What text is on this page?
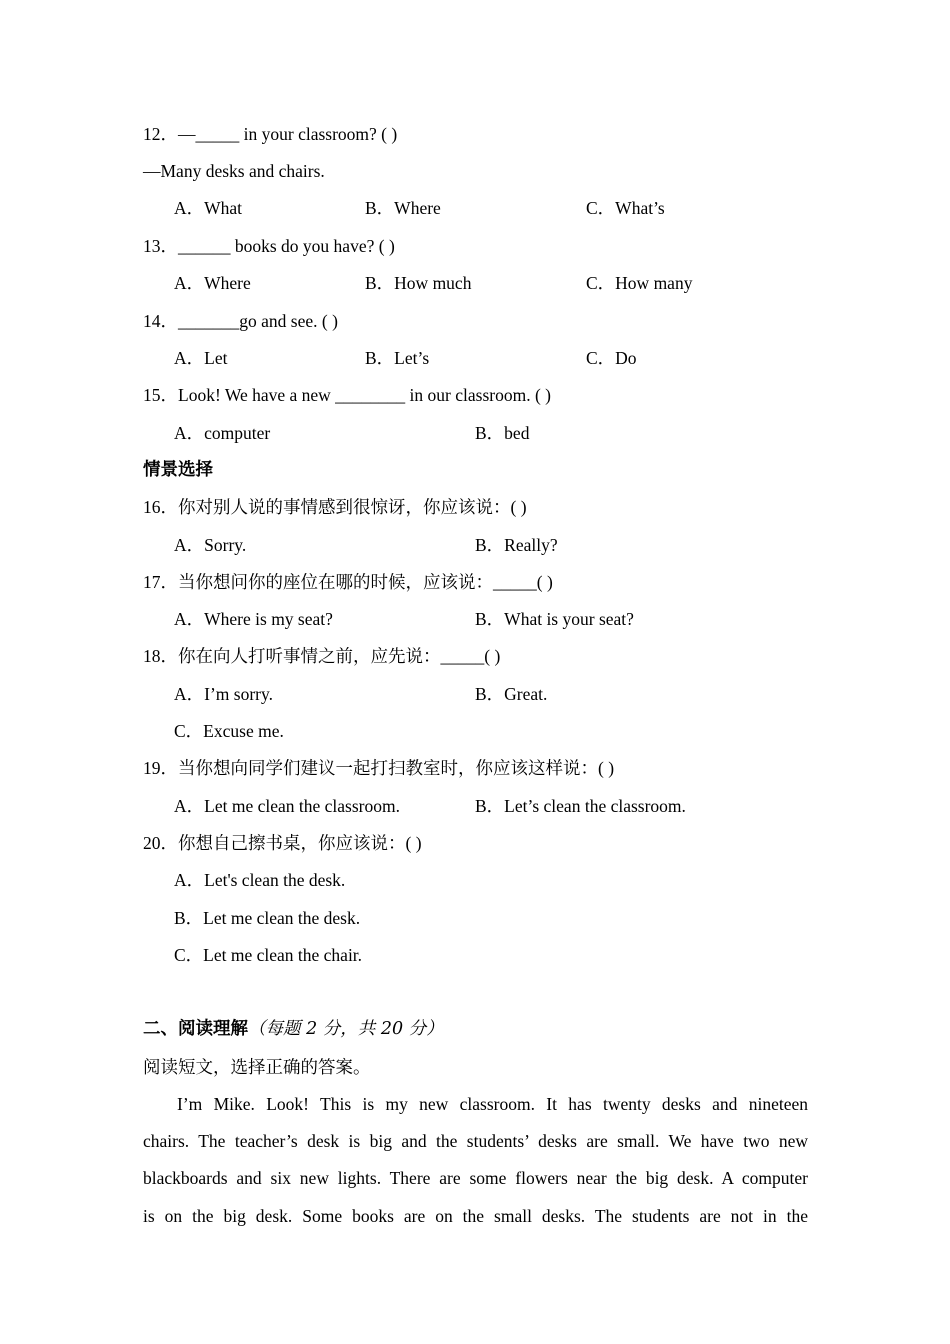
12．—_____ in your classroom? ( )
—Many desks and chairs.
A．What	B．Where	C．What’s
13．______ books do you have? ( )
A．Where	B．How much	C．How many
14．_______go and see. ( )
A．Let	B．Let’s	C．Do
15．Look! We have a new ________ in our classroom. ( )
A．computer	B．bed
情景选择
16．你对别人说的事情感到很惊讶，你应该说：( )
A．Sorry.	B．Really?
17．当你想问你的座位在哪的时候，应该说：_____( )
A．Where is my seat?	B．What is your seat?
18．你在向人打听事情之前，应先说：_____( )
A．I’m sorry.	B．Great.
C．Excuse me.
19．当你想向同学们建议一起打扫教室时，你应该这样说：( )
A．Let me clean the classroom.	B．Let’s clean the classroom.
20．你想自己擦书桌，你应该说：( )
A．Let's clean the desk.
B．Let me clean the desk.
C．Let me clean the chair.
二、阅读理解（每题 2 分，共 20 分）
阅读短文，选择正确的答案。
I’m Mike. Look! This is my new classroom. It has twenty desks and nineteen
chairs. The teacher’s desk is big and the students’ desks are small. We have two new
blackboards and six new lights. There are some flowers near the big desk. A computer
is on the big desk. Some books are on the small desks. The students are not in the
